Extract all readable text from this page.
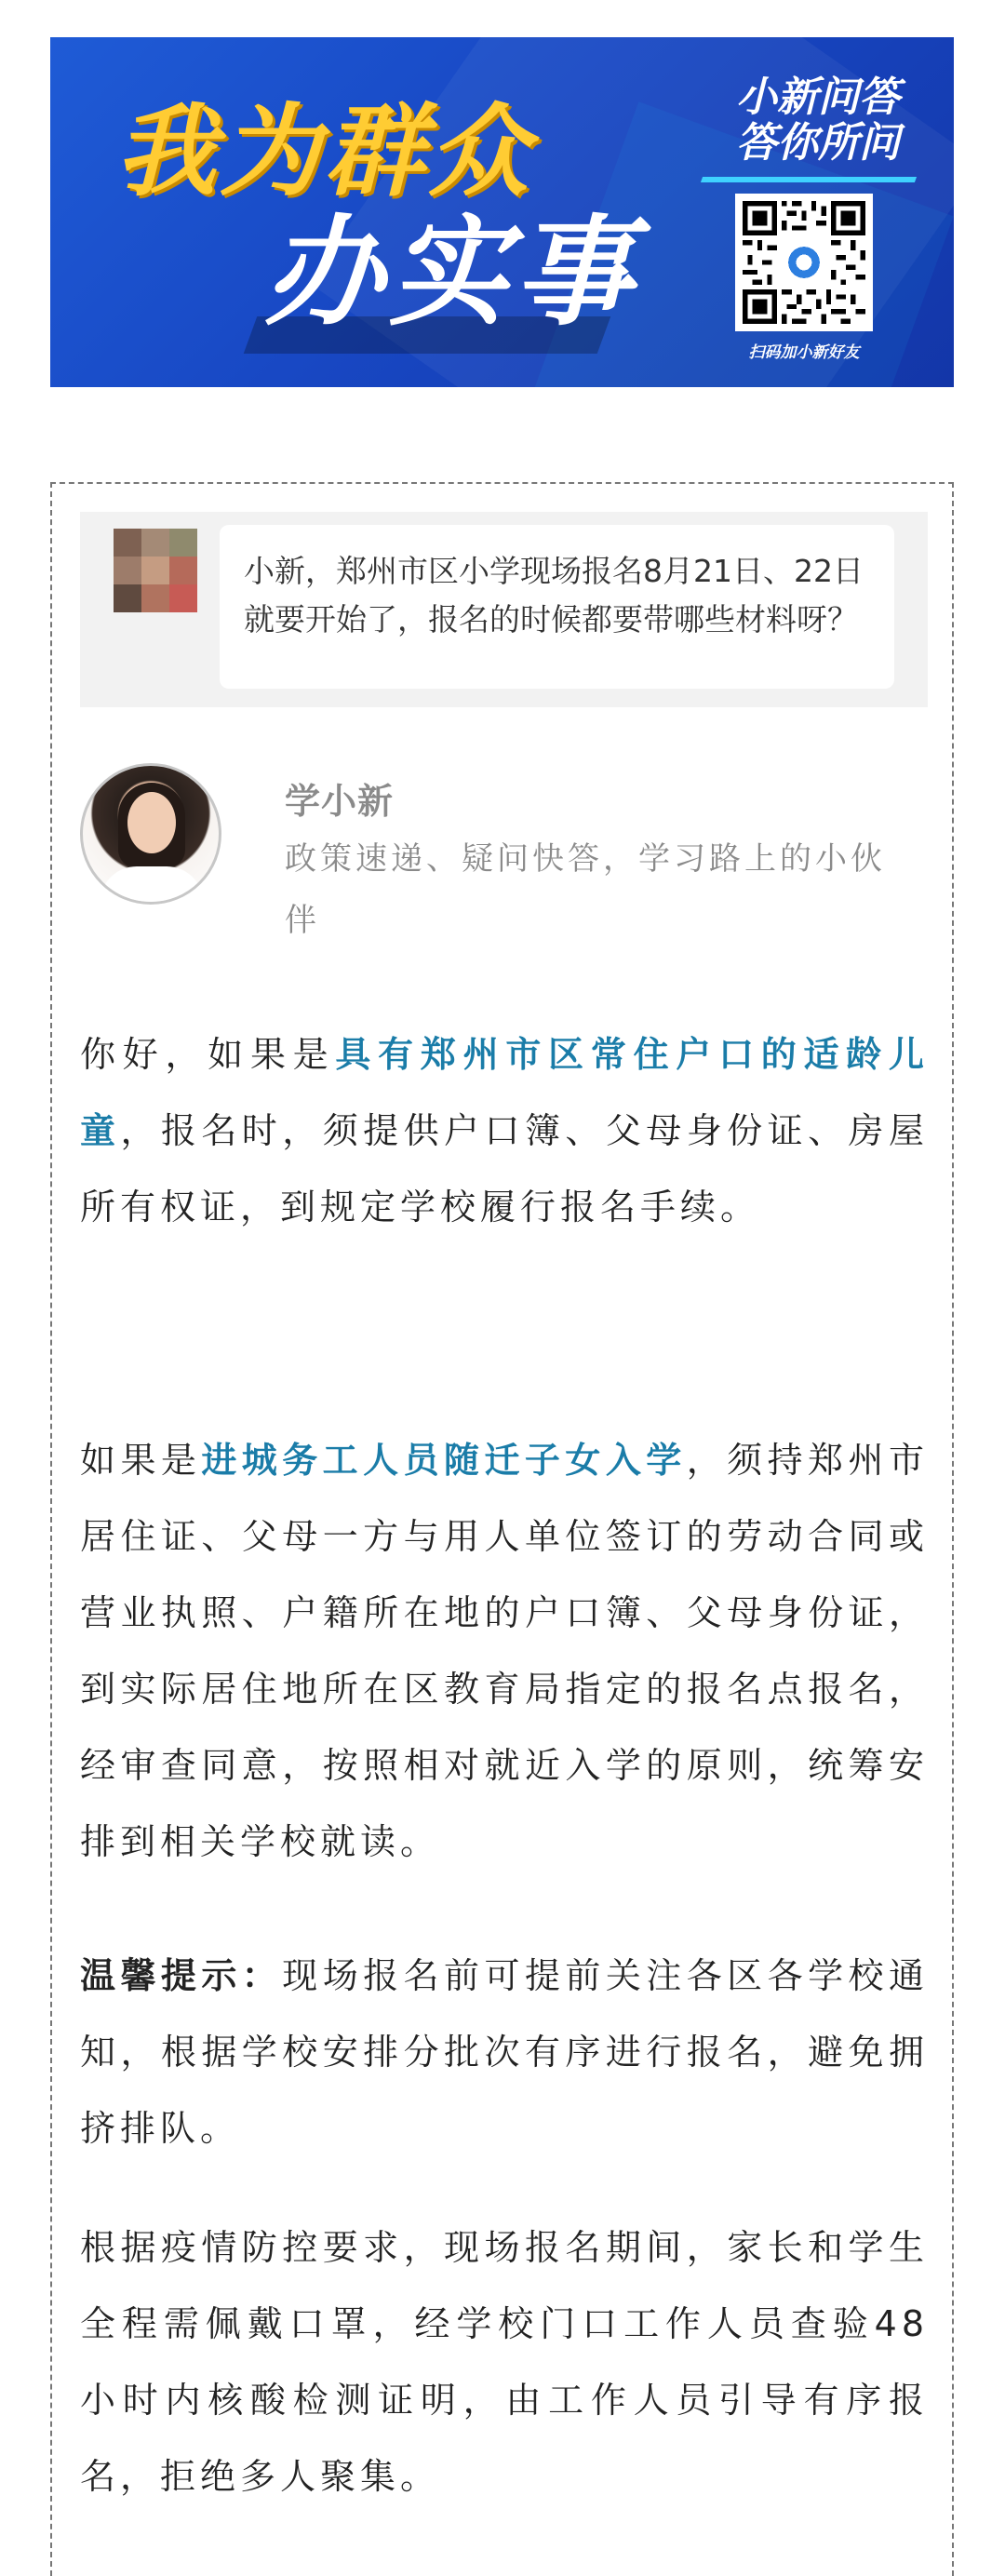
我为群众
办实事
小新问答
答你所问
扫码加小新好友
小新，郑州市区小学现场报名8月21日、22日就要开始了，报名的时候都要带哪些材料呀？
学小新
政策速递、疑问快答，学习路上的小伙伴

你好，如果是具有郑州市区常住户口的适龄儿童，报名时，须提供户口簿、父母身份证、房屋所有权证，到规定学校履行报名手续。

如果是进城务工人员随迁子女入学，须持郑州市居住证、父母一方与用人单位签订的劳动合同或营业执照、户籍所在地的户口簿、父母身份证，到实际居住地所在区教育局指定的报名点报名，经审查同意，按照相对就近入学的原则，统筹安排到相关学校就读。

温馨提示：现场报名前可提前关注各区各学校通知，根据学校安排分批次有序进行报名，避免拥挤排队。

根据疫情防控要求，现场报名期间，家长和学生全程需佩戴口罩，经学校门口工作人员查验48小时内核酸检测证明，由工作人员引导有序报名，拒绝多人聚集。
